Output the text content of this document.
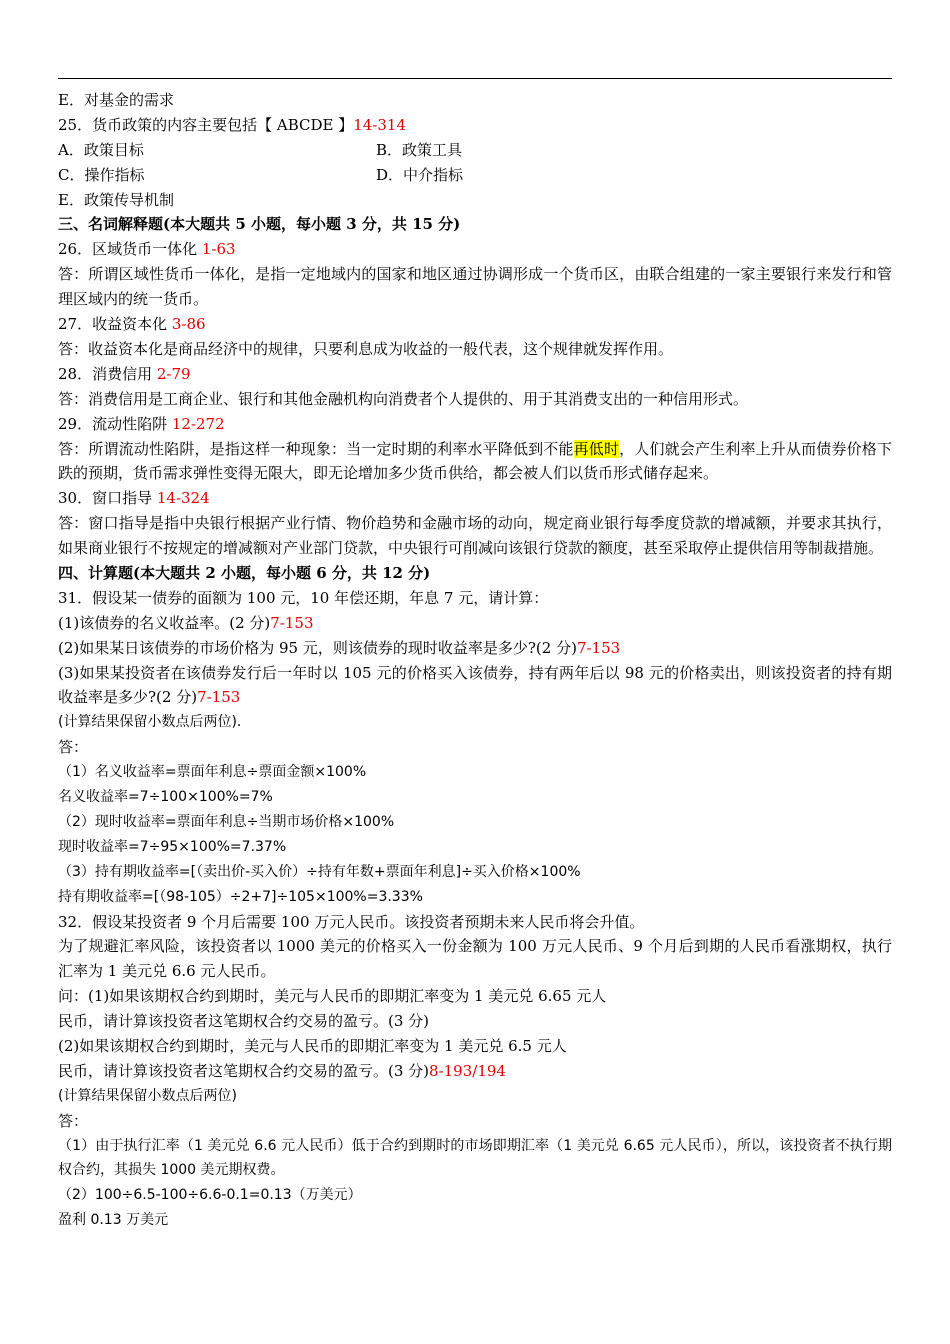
E．对基金的需求
25．货币政策的内容主要包括【 ABCDE 】14-314
A．政策目标	B．政策工具
C．操作指标	D．中介指标
E．政策传导机制
三、名词解释题(本大题共 5 小题，每小题 3 分，共 15 分)
26．区域货币一体化 1-63
答：所谓区域性货币一体化，是指一定地域内的国家和地区通过协调形成一个货币区，由联合组建的一家主要银行来发行和管理区域内的统一货币。
27．收益资本化 3-86
答：收益资本化是商品经济中的规律，只要利息成为收益的一般代表，这个规律就发挥作用。
28．消费信用 2-79
答：消费信用是工商企业、银行和其他金融机构向消费者个人提供的、用于其消费支出的一种信用形式。
29．流动性陷阱 12-272
答：所谓流动性陷阱，是指这样一种现象：当一定时期的利率水平降低到不能再低时，人们就会产生利率上升从而债券价格下跌的预期，货币需求弹性变得无限大，即无论增加多少货币供给，都会被人们以货币形式储存起来。
30．窗口指导 14-324
答：窗口指导是指中央银行根据产业行情、物价趋势和金融市场的动向，规定商业银行每季度贷款的增减额，并要求其执行，如果商业银行不按规定的增减额对产业部门贷款，中央银行可削减向该银行贷款的额度，甚至采取停止提供信用等制裁措施。
四、计算题(本大题共 2 小题，每小题 6 分，共 12 分)
31．假设某一债券的面额为 100 元，10 年偿还期，年息 7 元，请计算：
(1)该债券的名义收益率。(2 分)7-153
(2)如果某日该债券的市场价格为 95 元，则该债券的现时收益率是多少?(2 分)7-153
(3)如果某投资者在该债券发行后一年时以 105 元的价格买入该债券，持有两年后以 98 元的价格卖出，则该投资者的持有期收益率是多少?(2 分)7-153
(计算结果保留小数点后两位)．
答：
（1）名义收益率=票面年利息÷票面金额×100%
名义收益率=7÷100×100%=7%
（2）现时收益率=票面年利息÷当期市场价格×100%
现时收益率=7÷95×100%=7.37%
（3）持有期收益率=[（卖出价-买入价）÷持有年数+票面年利息]÷买入价格×100%
持有期收益率=[（98-105）÷2+7]÷105×100%=3.33%
32．假设某投资者 9 个月后需要 100 万元人民币。该投资者预期未来人民币将会升值。
为了规避汇率风险，该投资者以 1000 美元的价格买入一份金额为 100 万元人民币、9 个月后到期的人民币看涨期权，执行汇率为 1 美元兑 6.6 元人民币。
问：(1)如果该期权合约到期时，美元与人民币的即期汇率变为 1 美元兑 6.65 元人
民币，请计算该投资者这笔期权合约交易的盈亏。(3 分)
(2)如果该期权合约到期时，美元与人民币的即期汇率变为 1 美元兑 6.5 元人
民币，请计算该投资者这笔期权合约交易的盈亏。(3 分)8-193/194
(计算结果保留小数点后两位)
答：
（1）由于执行汇率（1 美元兑 6.6 元人民币）低于合约到期时的市场即期汇率（1 美元兑 6.65 元人民币），所以，该投资者不执行期权合约，其损失 1000 美元期权费。
（2）100÷6.5-100÷6.6-0.1=0.13（万美元）
盈利 0.13 万美元
